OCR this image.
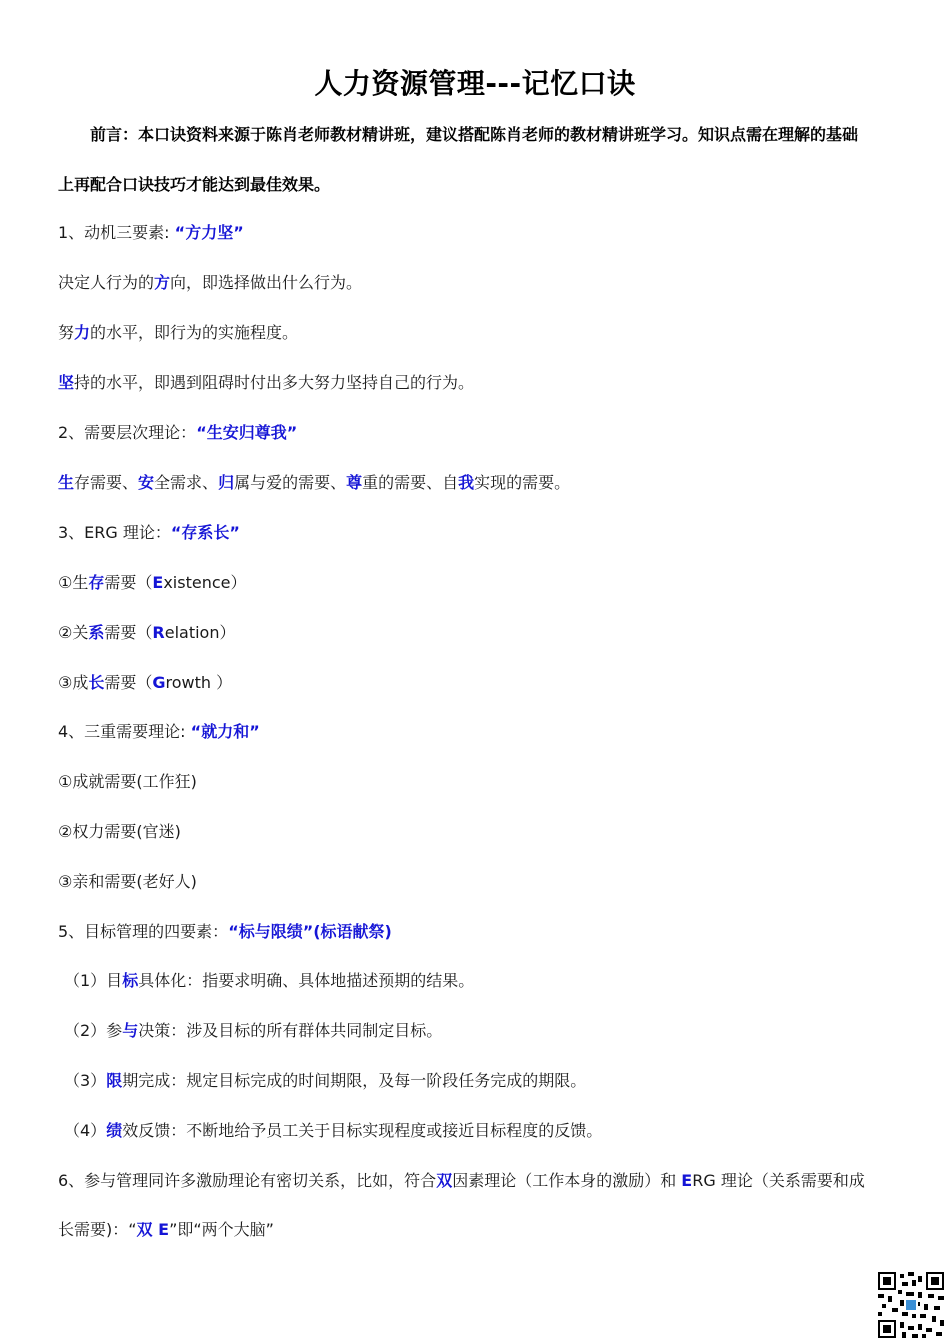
人力资源管理---记忆口诀
前言：本口诀资料来源于陈肖老师教材精讲班，建议搭配陈肖老师的教材精讲班学习。知识点需在理解的基础
上再配合口诀技巧才能达到最佳效果。
1、动机三要素: “方力坚”
决定人行为的方向，即选择做出什么行为。
努力的水平，即行为的实施程度。
坚持的水平，即遇到阻碍时付出多大努力坚持自己的行为。
2、需要层次理论：“生安归尊我”
生存需要、安全需求、归属与爱的需要、尊重的需要、自我实现的需要。
3、ERG 理论：“存系长”
①生存需要（Existence）
②关系需要（Relation）
③成长需要（Growth ）
4、三重需要理论: “就力和”
①成就需要(工作狂)
②权力需要(官迷)
③亲和需要(老好人)
5、目标管理的四要素：“标与限绩”(标语献祭)
（1）目标具体化：指要求明确、具体地描述预期的结果。
（2）参与决策：涉及目标的所有群体共同制定目标。
（3）限期完成：规定目标完成的时间期限，及每一阶段任务完成的期限。
（4）绩效反馈：不断地给予员工关于目标实现程度或接近目标程度的反馈。
6、参与管理同许多激励理论有密切关系，比如，符合双因素理论（工作本身的激励）和 ERG 理论（关系需要和成
长需要)：“双 E”即“两个大脑”
